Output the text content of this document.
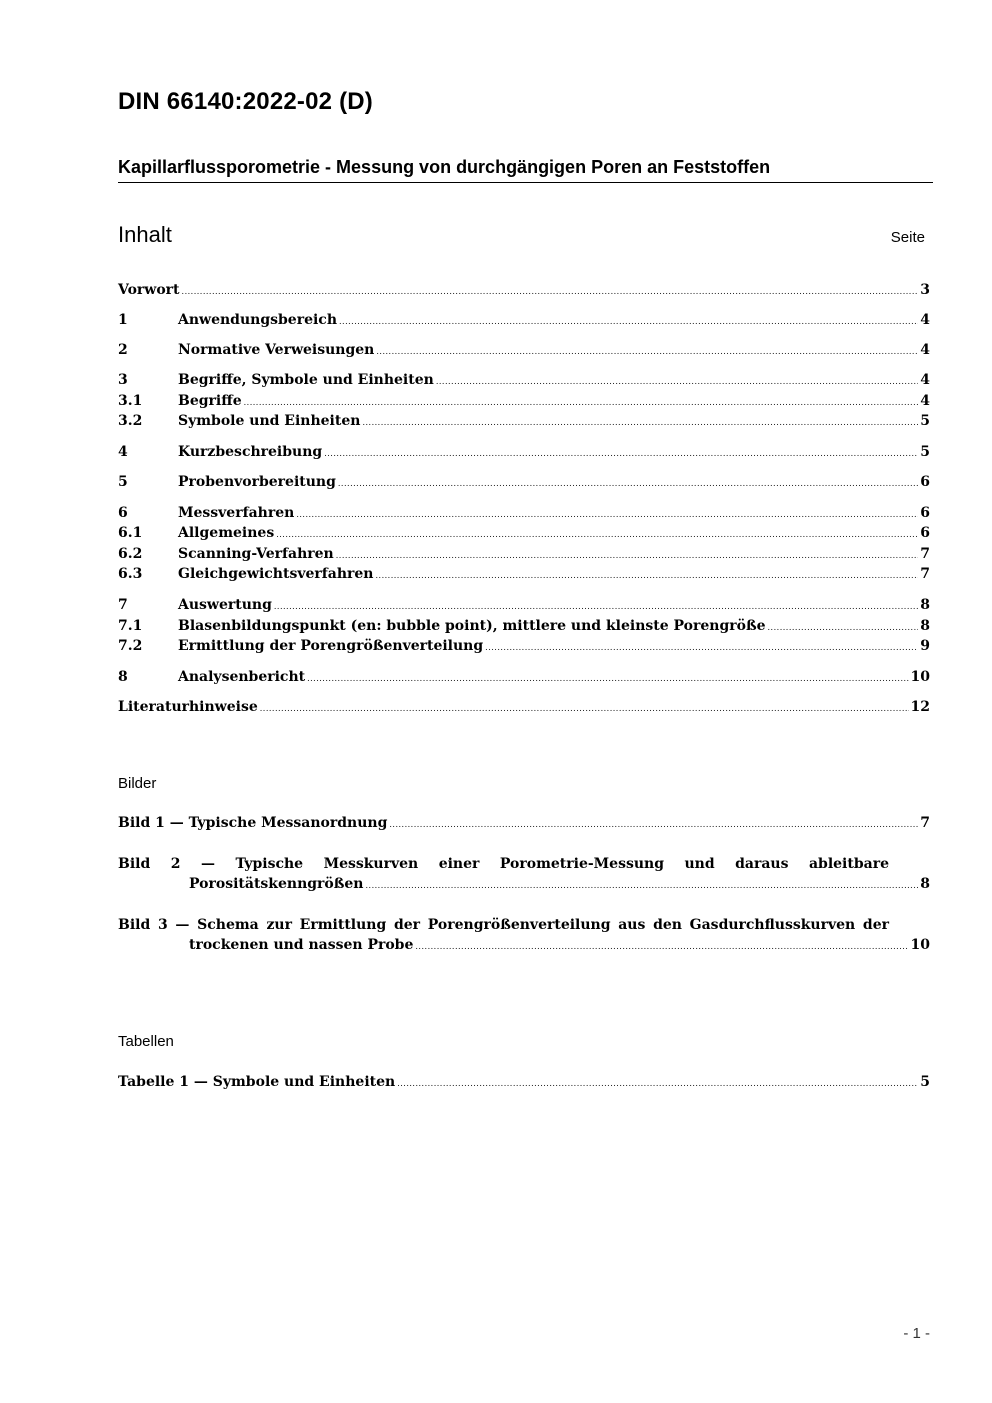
DIN 66140:2022-02 (D)
Kapillarflussporometrie - Messung von durchgängigen Poren an Feststoffen
Inhalt	Seite
Vorwort .....	3
1	Anwendungsbereich .....	4
2	Normative Verweisungen .....	4
3	Begriffe, Symbole und Einheiten .....	4
3.1	Begriffe .....	4
3.2	Symbole und Einheiten .....	5
4	Kurzbeschreibung .....	5
5	Probenvorbereitung .....	6
6	Messverfahren .....	6
6.1	Allgemeines .....	6
6.2	Scanning-Verfahren .....	7
6.3	Gleichgewichtsverfahren .....	7
7	Auswertung .....	8
7.1	Blasenbildungspunkt (en: bubble point), mittlere und kleinste Porengröße .....	8
7.2	Ermittlung der Porengrößenverteilung .....	9
8	Analysenbericht .....	10
Literaturhinweise .....	12
Bilder
Bild 1 — Typische Messanordnung .....	7
Bild 2 — Typische Messkurven einer Porometrie-Messung und daraus ableitbare
Porositätskenngrößen .....	8
Bild 3 — Schema zur Ermittlung der Porengrößenverteilung aus den Gasdurchflusskurven der
trockenen und nassen Probe .....	10
Tabellen
Tabelle 1 — Symbole und Einheiten .....	5
- 1 -
